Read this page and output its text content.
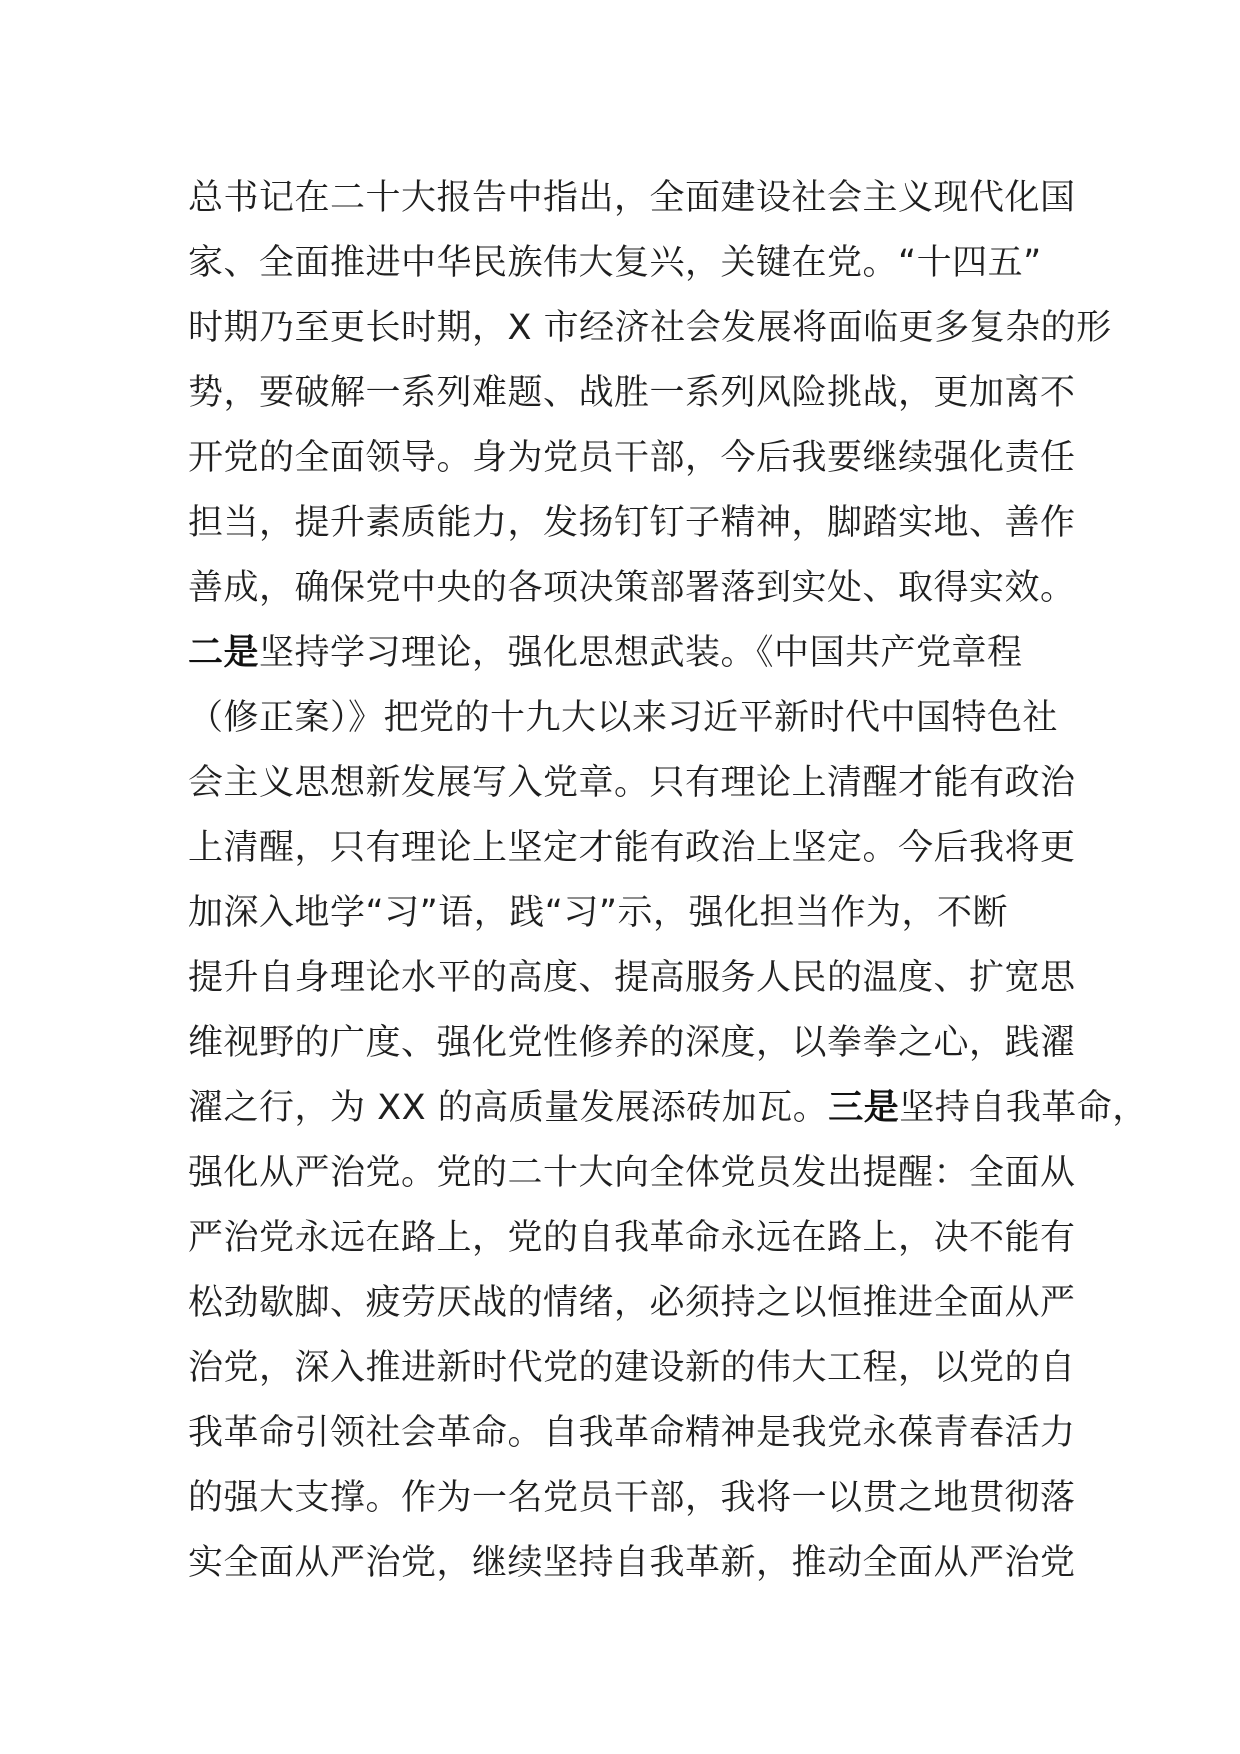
总书记在二十大报告中指出，全面建设社会主义现代化国
家、全面推进中华民族伟大复兴，关键在党。“十四五”
时期乃至更长时期，X 市经济社会发展将面临更多复杂的形
势，要破解一系列难题、战胜一系列风险挑战，更加离不
开党的全面领导。身为党员干部，今后我要继续强化责任
担当，提升素质能力，发扬钉钉子精神，脚踏实地、善作
善成，确保党中央的各项决策部署落到实处、取得实效。
二是坚持学习理论，强化思想武装。《中国共产党章程
（修正案）》把党的十九大以来习近平新时代中国特色社
会主义思想新发展写入党章。只有理论上清醒才能有政治
上清醒，只有理论上坚定才能有政治上坚定。今后我将更
加深入地学“习”语，践“习”示，强化担当作为，不断
提升自身理论水平的高度、提高服务人民的温度、扩宽思
维视野的广度、强化党性修养的深度，以拳拳之心，践濯
濯之行，为 XX 的高质量发展添砖加瓦。三是坚持自我革命，
强化从严治党。党的二十大向全体党员发出提醒：全面从
严治党永远在路上，党的自我革命永远在路上，决不能有
松劲歇脚、疲劳厌战的情绪，必须持之以恒推进全面从严
治党，深入推进新时代党的建设新的伟大工程，以党的自
我革命引领社会革命。自我革命精神是我党永葆青春活力
的强大支撑。作为一名党员干部，我将一以贯之地贯彻落
实全面从严治党，继续坚持自我革新，推动全面从严治党
